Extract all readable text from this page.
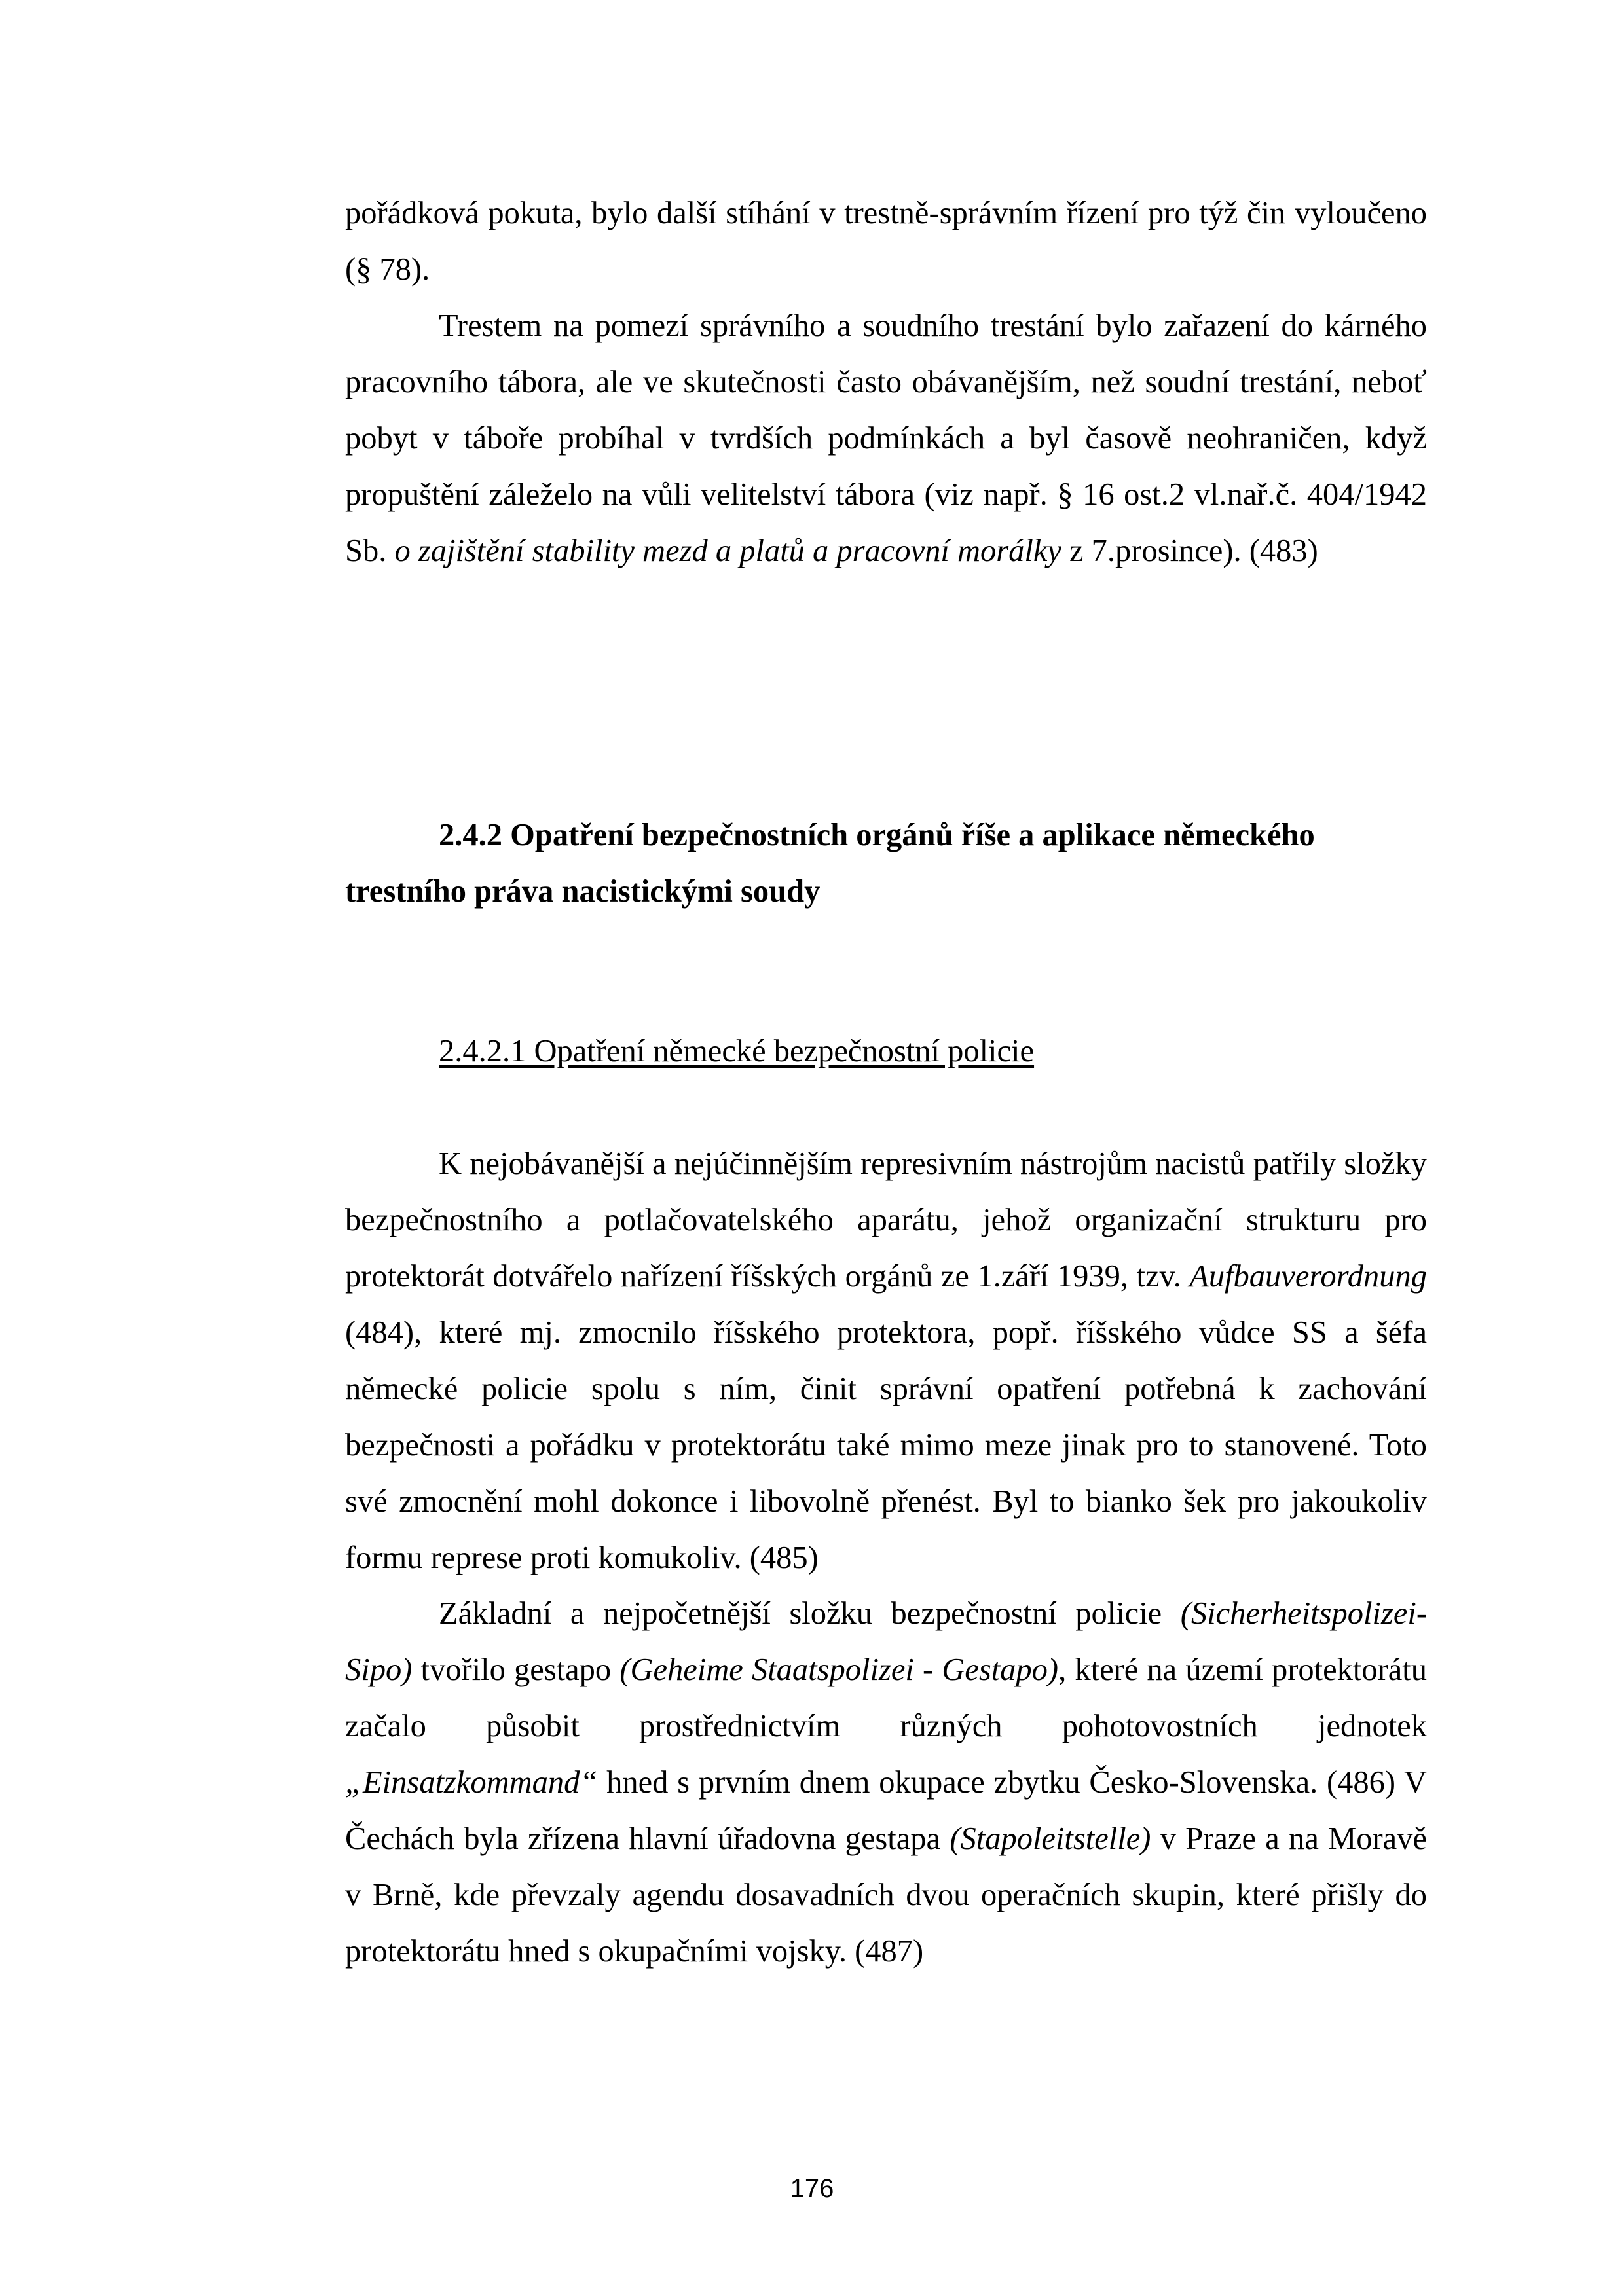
pořádková pokuta, bylo další stíhání v trestně-správním řízení pro týž čin vyloučeno (§ 78).

Trestem na pomezí správního a soudního trestání bylo zařazení do kárného pracovního tábora, ale ve skutečnosti často obávanějším, než soudní trestání, neboť pobyt v táboře probíhal v tvrdších podmínkách a byl časově neohraničen, když propuštění záleželo na vůli velitelství tábora (viz např. § 16 ost.2 vl.nař.č. 404/1942 Sb. o zajištění stability mezd a platů a pracovní morálky z 7.prosince). (483)

2.4.2 Opatření bezpečnostních orgánů říše a aplikace německého
trestního práva nacistickými soudy
2.4.2.1 Opatření německé bezpečnostní policie

K nejobávanější a nejúčinnějším represivním nástrojům nacistů patřily složky bezpečnostního a potlačovatelského aparátu, jehož organizační strukturu pro protektorát dotvářelo nařízení říšských orgánů ze 1.září 1939, tzv. Aufbauverordnung (484), které mj. zmocnilo říšského protektora, popř. říšského vůdce SS a šéfa německé policie spolu s ním, činit správní opatření potřebná k zachování bezpečnosti a pořádku v protektorátu také mimo meze jinak pro to stanovené. Toto své zmocnění mohl dokonce i libovolně přenést. Byl to bianko šek pro jakoukoliv formu represe proti komukoliv. (485)

Základní a nejpočetnější složku bezpečnostní policie (Sicherheitspolizei-Sipo) tvořilo gestapo (Geheime Staatspolizei - Gestapo), které na území protektorátu začalo působit prostřednictvím různých pohotovostních jednotek „Einsatzkommand“ hned s prvním dnem okupace zbytku Česko-Slovenska. (486) V Čechách byla zřízena hlavní úřadovna gestapa (Stapoleitstelle) v Praze a na Moravě v Brně, kde převzaly agendu dosavadních dvou operačních skupin, které přišly do protektorátu hned s okupačními vojsky. (487)

176
